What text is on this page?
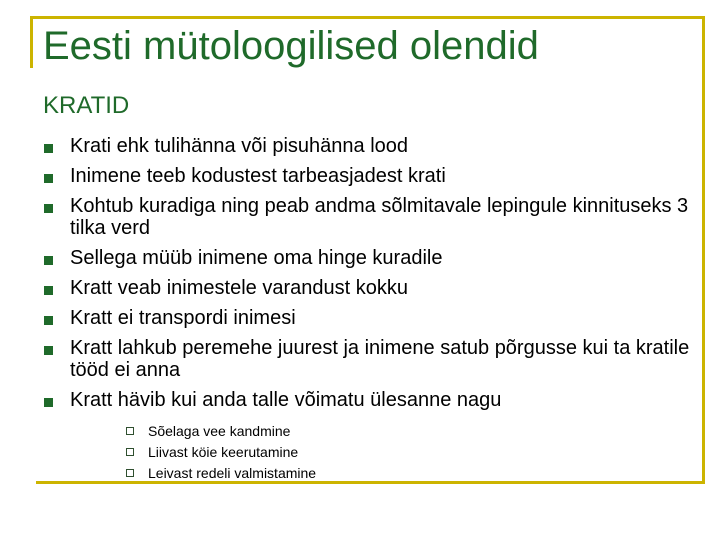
Eesti mütoloogilised olendid
KRATID
Krati ehk tulihänna või pisuhänna lood
Inimene teeb kodustest tarbeasjadest krati
Kohtub kuradiga ning peab andma sõlmitavale lepingule kinnituseks 3 tilka verd
Sellega müüb inimene oma hinge kuradile
Kratt veab inimestele varandust kokku
Kratt ei transpordi inimesi
Kratt lahkub peremehe juurest ja inimene satub põrgusse kui ta kratile tööd ei anna
Kratt hävib kui anda talle võimatu ülesanne nagu
Sõelaga vee kandmine
Liivast köie keerutamine
Leivast redeli valmistamine
